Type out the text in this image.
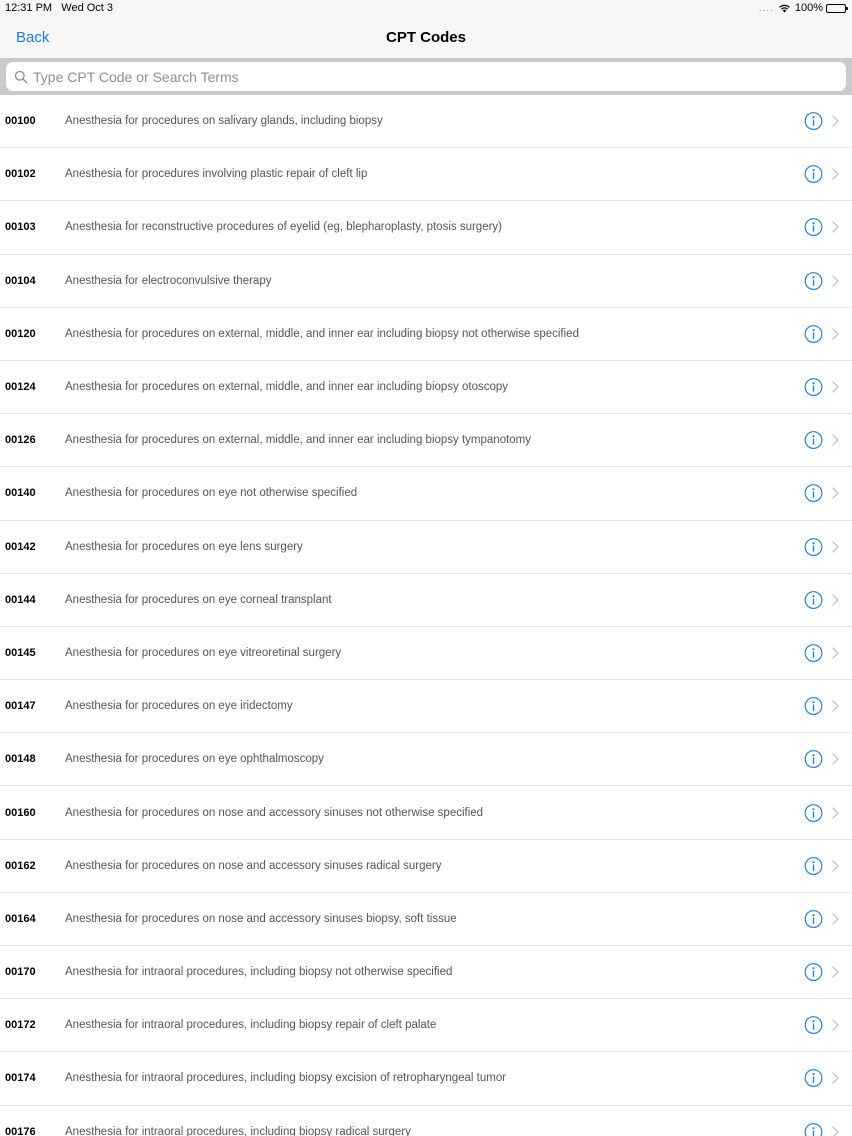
12:31 PM Wed Oct 3	.... 100%
Back	CPT Codes
Type CPT Code or Search Terms
00100	Anesthesia for procedures on salivary glands, including biopsy
00102	Anesthesia for procedures involving plastic repair of cleft lip
00103	Anesthesia for reconstructive procedures of eyelid (eg, blepharoplasty, ptosis surgery)
00104	Anesthesia for electroconvulsive therapy
00120	Anesthesia for procedures on external, middle, and inner ear including biopsy not otherwise specified
00124	Anesthesia for procedures on external, middle, and inner ear including biopsy otoscopy
00126	Anesthesia for procedures on external, middle, and inner ear including biopsy tympanotomy
00140	Anesthesia for procedures on eye not otherwise specified
00142	Anesthesia for procedures on eye lens surgery
00144	Anesthesia for procedures on eye corneal transplant
00145	Anesthesia for procedures on eye vitreoretinal surgery
00147	Anesthesia for procedures on eye iridectomy
00148	Anesthesia for procedures on eye ophthalmoscopy
00160	Anesthesia for procedures on nose and accessory sinuses not otherwise specified
00162	Anesthesia for procedures on nose and accessory sinuses radical surgery
00164	Anesthesia for procedures on nose and accessory sinuses biopsy, soft tissue
00170	Anesthesia for intraoral procedures, including biopsy not otherwise specified
00172	Anesthesia for intraoral procedures, including biopsy repair of cleft palate
00174	Anesthesia for intraoral procedures, including biopsy excision of retropharyngeal tumor
00176	Anesthesia for intraoral procedures, including biopsy radical surgery
